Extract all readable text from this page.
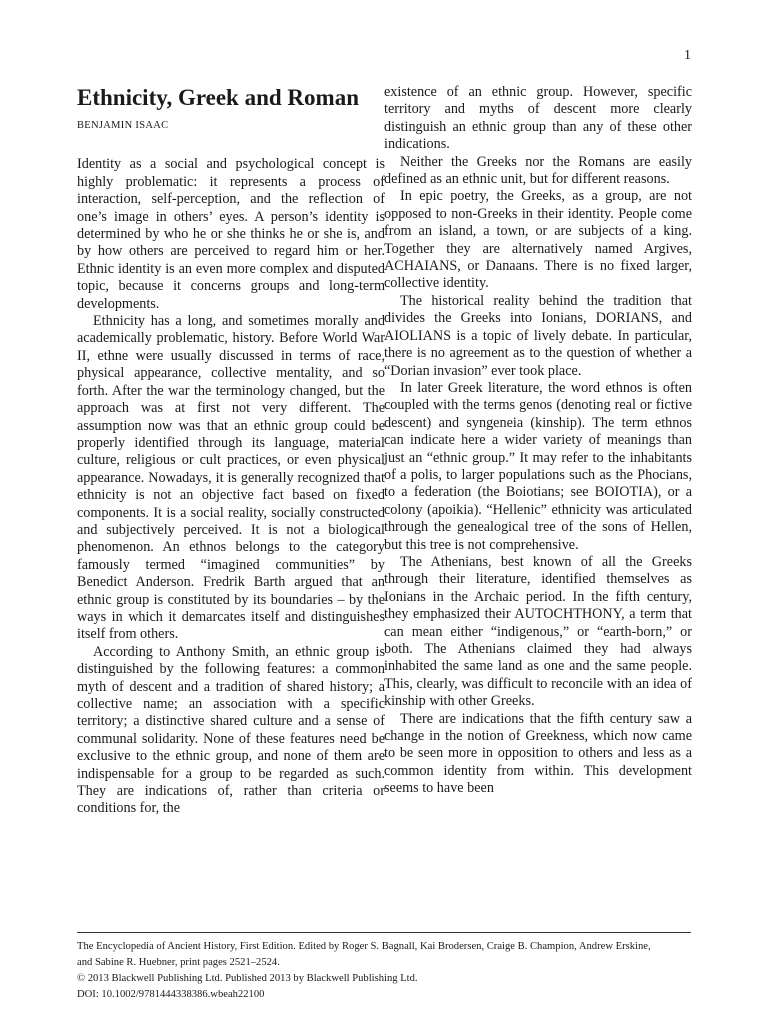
1
Ethnicity, Greek and Roman
BENJAMIN ISAAC

Identity as a social and psychological concept is highly problematic: it represents a process of interaction, self-perception, and the reflection of one’s image in others’ eyes. A person’s identity is determined by who he or she thinks he or she is, and by how others are perceived to regard him or her. Ethnic identity is an even more complex and disputed topic, because it concerns groups and long-term developments.

Ethnicity has a long, and sometimes morally and academically problematic, history. Before World War II, ethne were usually discussed in terms of race, physical appearance, collective mentality, and so forth. After the war the terminology changed, but the approach was at first not very different. The assumption now was that an ethnic group could be properly identified through its language, material culture, religious or cult practices, or even physical appearance. Nowadays, it is generally recognized that ethnicity is not an objective fact based on fixed components. It is a social reality, socially constructed and subjectively perceived. It is not a biological phenomenon. An ethnos belongs to the category famously termed “imagined communities” by Benedict Anderson. Fredrik Barth argued that an ethnic group is constituted by its boundaries – by the ways in which it demarcates itself and distinguishes itself from others.

According to Anthony Smith, an ethnic group is distinguished by the following features: a common myth of descent and a tradition of shared history; a collective name; an association with a specific territory; a distinctive shared culture and a sense of communal solidarity. None of these features need be exclusive to the ethnic group, and none of them are indispensable for a group to be regarded as such. They are indications of, rather than criteria or conditions for, the

existence of an ethnic group. However, specific territory and myths of descent more clearly distinguish an ethnic group than any of these other indications.

Neither the Greeks nor the Romans are easily defined as an ethnic unit, but for different reasons.

In epic poetry, the Greeks, as a group, are not opposed to non-Greeks in their identity. People come from an island, a town, or are subjects of a king. Together they are alternatively named Argives, ACHAIANS, or Danaans. There is no fixed larger, collective identity.

The historical reality behind the tradition that divides the Greeks into Ionians, DORIANS, and AIOLIANS is a topic of lively debate. In particular, there is no agreement as to the question of whether a “Dorian invasion” ever took place.

In later Greek literature, the word ethnos is often coupled with the terms genos (denoting real or fictive descent) and syngeneia (kinship). The term ethnos can indicate here a wider variety of meanings than just an “ethnic group.” It may refer to the inhabitants of a polis, to larger populations such as the Phocians, to a federation (the Boiotians; see BOIOTIA), or a colony (apoikia). “Hellenic” ethnicity was articulated through the genealogical tree of the sons of Hellen, but this tree is not comprehensive.

The Athenians, best known of all the Greeks through their literature, identified themselves as Ionians in the Archaic period. In the fifth century, they emphasized their AUTOCHTHONY, a term that can mean either “indigenous,” or “earth-born,” or both. The Athenians claimed they had always inhabited the same land as one and the same people. This, clearly, was difficult to reconcile with an idea of kinship with other Greeks.

There are indications that the fifth century saw a change in the notion of Greekness, which now came to be seen more in opposition to others and less as a common identity from within. This development seems to have been

The Encyclopedia of Ancient History, First Edition. Edited by Roger S. Bagnall, Kai Brodersen, Craige B. Champion, Andrew Erskine,
and Sabine R. Huebner, print pages 2521–2524.
© 2013 Blackwell Publishing Ltd. Published 2013 by Blackwell Publishing Ltd.
DOI: 10.1002/9781444338386.wbeah22100
